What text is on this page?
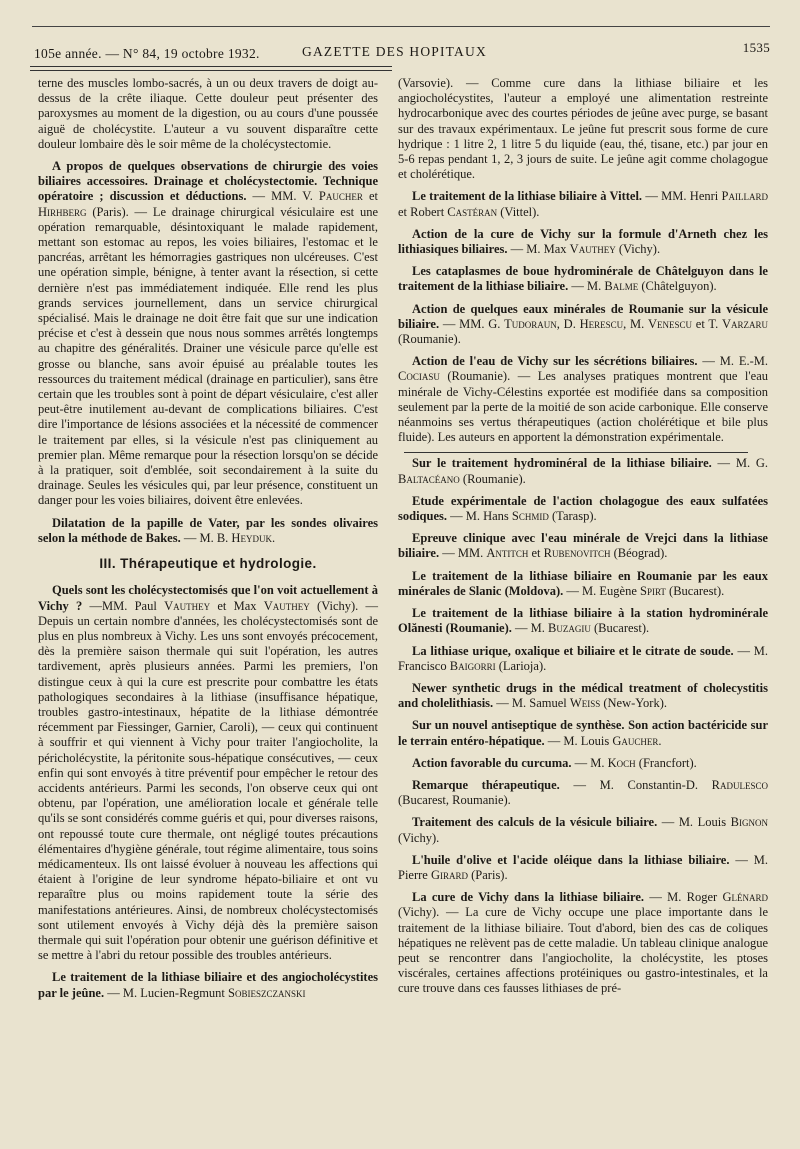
105e année. — N° 84, 19 octobre 1932.	GAZETTE DES HOPITAUX	1535

terne des muscles lombo-sacrés, à un ou deux travers de doigt au-dessus de la crête iliaque. Cette douleur peut présenter des paroxysmes au moment de la digestion, ou au cours d'une poussée aiguë de cholécystite. L'auteur a vu souvent disparaître cette douleur lombaire dès le soir même de la cholécystectomie.

A propos de quelques observations de chirurgie des voies biliaires accessoires. Drainage et cholécystectomie. Technique opératoire ; discussion et déductions. — MM. V. Paucher et Hirhberg (Paris). — Le drainage chirurgical vésiculaire est une opération remarquable, désintoxiquant le malade rapidement, mettant son estomac au repos, les voies biliaires, l'estomac et le pancréas, arrêtant les hémorragies gastriques non ulcéreuses. C'est une opération simple, bénigne, à tenter avant la résection, si cette dernière n'est pas immédiatement indiquée. Elle rend les plus grands services journellement, dans un service chirurgical spécialisé. Mais le drainage ne doit être fait que sur une indication précise et c'est à dessein que nous nous sommes arrêtés longtemps au chapitre des généralités. Drainer une vésicule parce qu'elle est grosse ou blanche, sans avoir épuisé au préalable toutes les ressources du traitement médical (drainage en particulier), sans être certain que les troubles sont à point de départ vésiculaire, c'est aller peut-être inutilement au-devant de complications biliaires. C'est dire l'importance de lésions associées et la nécessité de commencer le traitement par elles, si la vésicule n'est pas cliniquement au premier plan. Même remarque pour la résection lorsqu'on se décide à la pratiquer, soit d'emblée, soit secondairement à la suite du drainage. Seules les vésicules qui, par leur présence, constituent un danger pour les voies biliaires, doivent être enlevées.

Dilatation de la papille de Vater, par les sondes olivaires selon la méthode de Bakes. — M. B. Heyduk.

III. Thérapeutique et hydrologie.

Quels sont les cholécystectomisés que l'on voit actuellement à Vichy ? —MM. Paul Vauthey et Max Vauthey (Vichy). — Depuis un certain nombre d'années, les cholécystectomisés sont de plus en plus nombreux à Vichy. Les uns sont envoyés précocement, dès la première saison thermale qui suit l'opération, les autres tardivement, après plusieurs années. Parmi les premiers, l'on distingue ceux à qui la cure est prescrite pour combattre les états pathologiques secondaires à la lithiase (insuffisance hépatique, troubles gastro-intestinaux, hépatite de la lithiase démontrée récemment par Fiessinger, Garnier, Caroli), — ceux qui continuent à souffrir et qui viennent à Vichy pour traiter l'angiocholite, la péricholécystite, la péritonite sous-hépatique consécutives, — ceux enfin qui sont envoyés à titre préventif pour empêcher le retour des accidents antérieurs. Parmi les seconds, l'on observe ceux qui ont obtenu, par l'opération, une amélioration locale et générale telle qu'ils se sont considérés comme guéris et qui, pour diverses raisons, ont repoussé toute cure thermale, ont négligé toutes précautions élémentaires d'hygiène générale, tout régime alimentaire, tous soins médicamenteux. Ils ont laissé évoluer à nouveau les affections qui étaient à l'origine de leur syndrome hépato-biliaire et ont vu reparaître plus ou moins rapidement toute la série des manifestations antérieures. Ainsi, de nombreux cholécystectomisés sont utilement envoyés à Vichy déjà dès la première saison thermale qui suit l'opération pour obtenir une guérison définitive et se mettre à l'abri du retour possible des troubles antérieurs.

Le traitement de la lithiase biliaire et des angiocholécystites par le jeûne. — M. Lucien-Regmunt Sobieszczanski

(Varsovie). — Comme cure dans la lithiase biliaire et les angiocholécystites, l'auteur a employé une alimentation restreinte hydrocarbonique avec des courtes périodes de jeûne avec purge, se basant sur des travaux expérimentaux. Le jeûne fut prescrit sous forme de cure hydrique : 1 litre 2, 1 litre 5 du liquide (eau, thé, tisane, etc.) par jour en 5-6 repas pendant 1, 2, 3 jours de suite. Le jeûne agit comme cholagogue et cholérétique.

Le traitement de la lithiase biliaire à Vittel. — MM. Henri Paillard et Robert Castéran (Vittel).

Action de la cure de Vichy sur la formule d'Arneth chez les lithiasiques biliaires. — M. Max Vauthey (Vichy).

Les cataplasmes de boue hydrominérale de Châtelguyon dans le traitement de la lithiase biliaire. — M. Balme (Châtelguyon).

Action de quelques eaux minérales de Roumanie sur la vésicule biliaire. — MM. G. Tudoraun, D. Herescu, M. Venescu et T. Varzaru (Roumanie).

Action de l'eau de Vichy sur les sécrétions biliaires. — M. E.-M. Cociasu (Roumanie). — Les analyses pratiques montrent que l'eau minérale de Vichy-Célestins exportée est modifiée dans sa composition seulement par la perte de la moitié de son acide carbonique. Elle conserve néanmoins ses vertus thérapeutiques (action cholérétique et bile plus fluide). Les auteurs en apportent la démonstration expérimentale.

Sur le traitement hydrominéral de la lithiase biliaire. — M. G. Baltacéano (Roumanie).

Etude expérimentale de l'action cholagogue des eaux sulfatées sodiques. — M. Hans Schmid (Tarasp).

Epreuve clinique avec l'eau minérale de Vrejci dans la lithiase biliaire. — MM. Antitch et Rubenovitch (Béograd).

Le traitement de la lithiase biliaire en Roumanie par les eaux minérales de Slanic (Moldova). — M. Eugène Spirt (Bucarest).

Le traitement de la lithiase biliaire à la station hydrominérale Olănesti (Roumanie). — M. Buzagiu (Bucarest).

La lithiase urique, oxalique et biliaire et le citrate de soude. — M. Francisco Baigorri (Larioja).

Newer synthetic drugs in the médical treatment of cholecystitis and cholelithiasis. — M. Samuel Weiss (New-York).

Sur un nouvel antiseptique de synthèse. Son action bactéricide sur le terrain entéro-hépatique. — M. Louis Gaucher.

Action favorable du curcuma. — M. Koch (Francfort).

Remarque thérapeutique. — M. Constantin-D. Radulesco (Bucarest, Roumanie).

Traitement des calculs de la vésicule biliaire. — M. Louis Bignon (Vichy).

L'huile d'olive et l'acide oléique dans la lithiase biliaire. — M. Pierre Girard (Paris).

La cure de Vichy dans la lithiase biliaire. — M. Roger Glénard (Vichy). — La cure de Vichy occupe une place importante dans le traitement de la lithiase biliaire. Tout d'abord, bien des cas de coliques hépatiques ne relèvent pas de cette maladie. Un tableau clinique analogue peut se rencontrer dans l'angiocholite, la cholécystite, les ptoses viscérales, certaines affections protéiniques ou gastro-intestinales, et la cure trouve dans ces fausses lithiases de pré-
